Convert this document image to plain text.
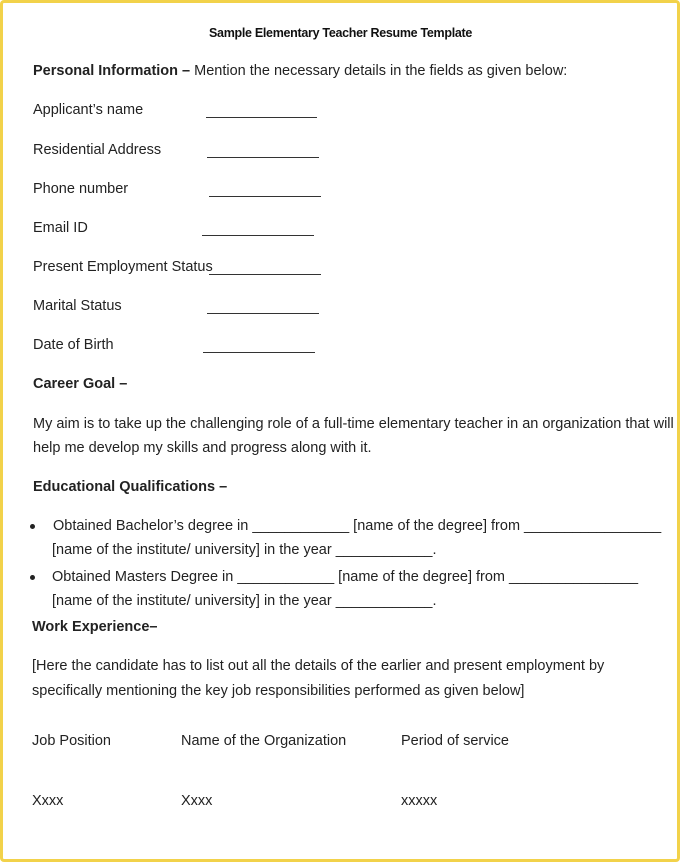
Sample Elementary Teacher Resume Template
Personal Information – Mention the necessary details in the fields as given below:
Applicant’s name
Residential Address
Phone number
Email ID
Present Employment Status
Marital Status
Date of Birth
Career Goal –
My aim is to take up the challenging role of a full-time elementary teacher in an organization that will
help me develop my skills and progress along with it.
Educational Qualifications –
Obtained Bachelor’s degree in ____________ [name of the degree] from _________________
[name of the institute/ university] in the year ____________.
Obtained Masters Degree in ____________ [name of the degree] from ________________
[name of the institute/ university] in the year ____________.
Work Experience–
[Here the candidate has to list out all the details of the earlier and present employment by
specifically mentioning the key job responsibilities performed as given below]
Job Position	Name of the Organization	Period of service
Xxxx	Xxxx	xxxxx
